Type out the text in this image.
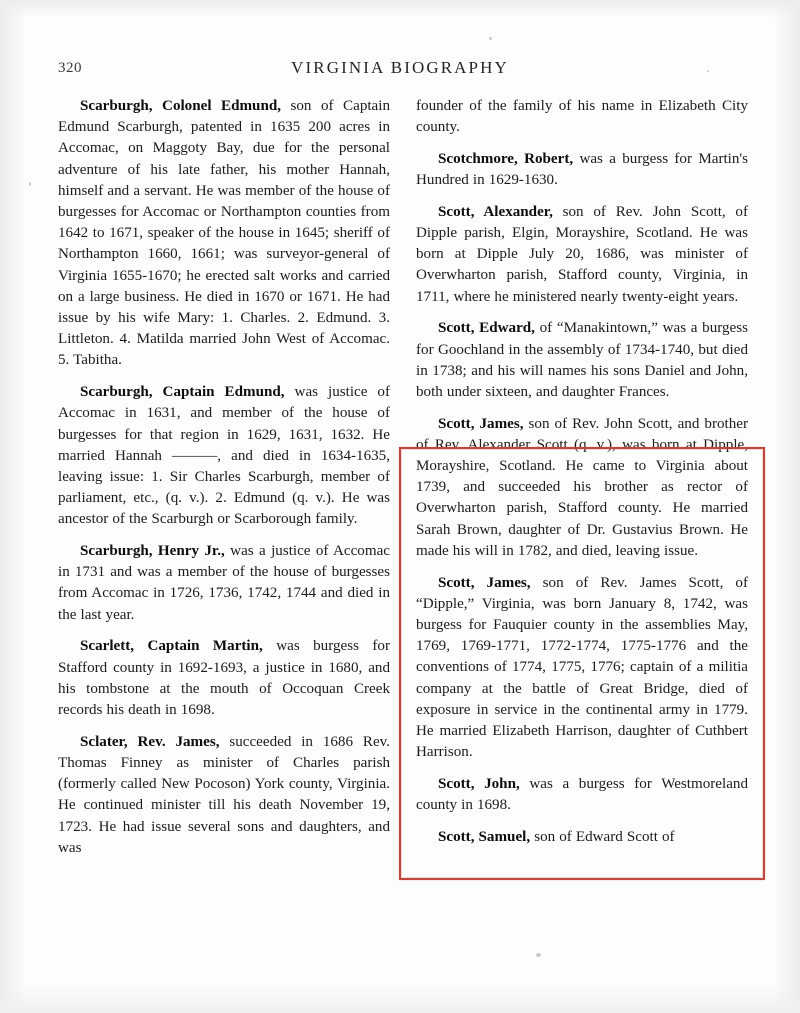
320	VIRGINIA BIOGRAPHY

Scarburgh, Colonel Edmund, son of Captain Edmund Scarburgh, patented in 1635 200 acres in Accomac, on Maggoty Bay, due for the personal adventure of his late father, his mother Hannah, himself and a servant. He was member of the house of burgesses for Accomac or Northampton counties from 1642 to 1671, speaker of the house in 1645; sheriff of Northampton 1660, 1661; was surveyor-general of Virginia 1655-1670; he erected salt works and carried on a large business. He died in 1670 or 1671. He had issue by his wife Mary: 1. Charles. 2. Edmund. 3. Littleton. 4. Matilda married John West of Accomac. 5. Tabitha.

Scarburgh, Captain Edmund, was justice of Accomac in 1631, and member of the house of burgesses for that region in 1629, 1631, 1632. He married Hannah ———, and died in 1634-1635, leaving issue: 1. Sir Charles Scarburgh, member of parliament, etc., (q. v.). 2. Edmund (q. v.). He was ancestor of the Scarburgh or Scarborough family.

Scarburgh, Henry Jr., was a justice of Accomac in 1731 and was a member of the house of burgesses from Accomac in 1726, 1736, 1742, 1744 and died in the last year.

Scarlett, Captain Martin, was burgess for Stafford county in 1692-1693, a justice in 1680, and his tombstone at the mouth of Occoquan Creek records his death in 1698.

Sclater, Rev. James, succeeded in 1686 Rev. Thomas Finney as minister of Charles parish (formerly called New Pocoson) York county, Virginia. He continued minister till his death November 19, 1723. He had issue several sons and daughters, and was

founder of the family of his name in Elizabeth City county.

Scotchmore, Robert, was a burgess for Martin's Hundred in 1629-1630.

Scott, Alexander, son of Rev. John Scott, of Dipple parish, Elgin, Morayshire, Scotland. He was born at Dipple July 20, 1686, was minister of Overwharton parish, Stafford county, Virginia, in 1711, where he ministered nearly twenty-eight years.

Scott, Edward, of “Manakintown,” was a burgess for Goochland in the assembly of 1734-1740, but died in 1738; and his will names his sons Daniel and John, both under sixteen, and daughter Frances.

Scott, James, son of Rev. John Scott, and brother of Rev. Alexander Scott (q. v.), was born at Dipple, Morayshire, Scotland. He came to Virginia about 1739, and succeeded his brother as rector of Overwharton parish, Stafford county. He married Sarah Brown, daughter of Dr. Gustavius Brown. He made his will in 1782, and died, leaving issue.

Scott, James, son of Rev. James Scott, of “Dipple,” Virginia, was born January 8, 1742, was burgess for Fauquier county in the assemblies May, 1769, 1769-1771, 1772-1774, 1775-1776 and the conventions of 1774, 1775, 1776; captain of a militia company at the battle of Great Bridge, died of exposure in service in the continental army in 1779. He married Elizabeth Harrison, daughter of Cuthbert Harrison.

Scott, John, was a burgess for Westmoreland county in 1698.

Scott, Samuel, son of Edward Scott of
